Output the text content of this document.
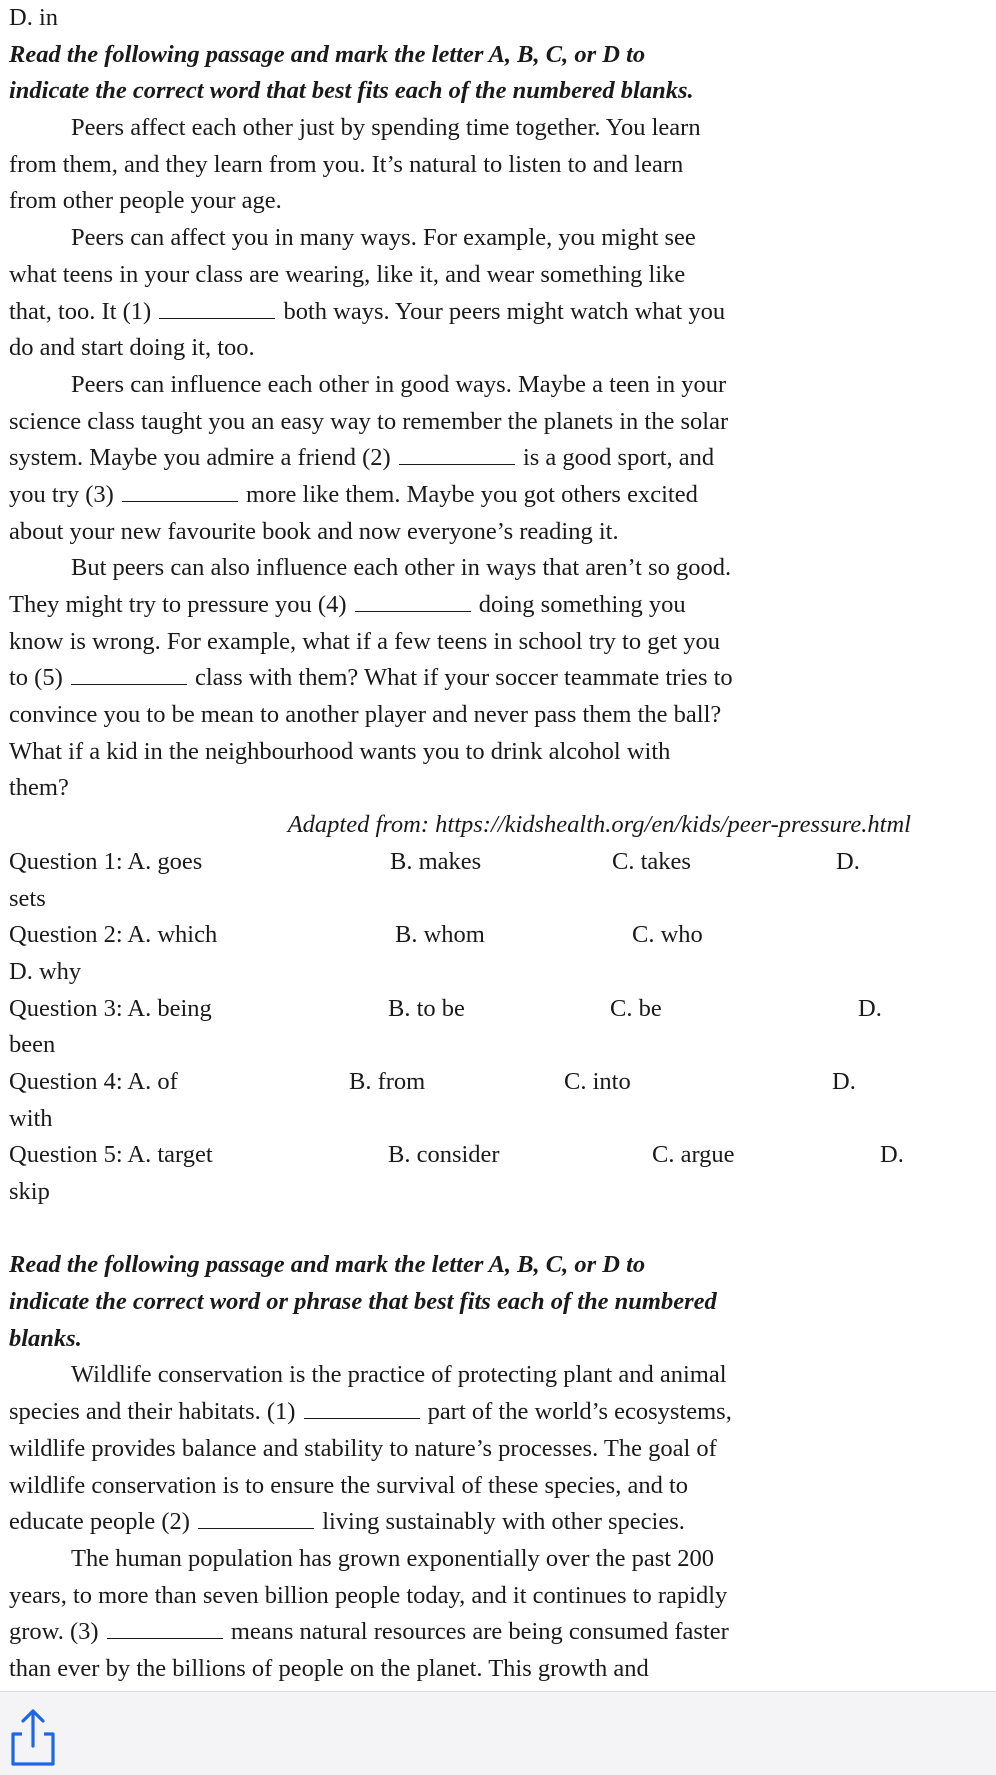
D. in
Read the following passage and mark the letter A, B, C, or D to
indicate the correct word that best fits each of the numbered blanks.
Peers affect each other just by spending time together. You learn
from them, and they learn from you. It’s natural to listen to and learn
from other people your age.
Peers can affect you in many ways. For example, you might see
what teens in your class are wearing, like it, and wear something like
that, too. It (1)	both ways. Your peers might watch what you
do and start doing it, too.
Peers can influence each other in good ways. Maybe a teen in your
science class taught you an easy way to remember the planets in the solar
system. Maybe you admire a friend (2)	is a good sport, and
you try (3)	more like them. Maybe you got others excited
about your new favourite book and now everyone’s reading it.
But peers can also influence each other in ways that aren’t so good.
They might try to pressure you (4)	doing something you
know is wrong. For example, what if a few teens in school try to get you
to (5)	class with them? What if your soccer teammate tries to
convince you to be mean to another player and never pass them the ball?
What if a kid in the neighbourhood wants you to drink alcohol with
them?
Adapted from: https://kidshealth.org/en/kids/peer-pressure.html
Question 1: A. goes	B. makes	C. takes	D.
sets
Question 2: A. which	B. whom	C. who
D. why
Question 3: A. being	B. to be	C. be	D.
been
Question 4: A. of	B. from	C. into	D.
with
Question 5: A. target	B. consider	C. argue	D.
skip
Read the following passage and mark the letter A, B, C, or D to
indicate the correct word or phrase that best fits each of the numbered
blanks.
Wildlife conservation is the practice of protecting plant and animal
species and their habitats. (1)	part of the world’s ecosystems,
wildlife provides balance and stability to nature’s processes. The goal of
wildlife conservation is to ensure the survival of these species, and to
educate people (2)	living sustainably with other species.
The human population has grown exponentially over the past 200
years, to more than seven billion people today, and it continues to rapidly
grow. (3)	means natural resources are being consumed faster
than ever by the billions of people on the planet. This growth and
